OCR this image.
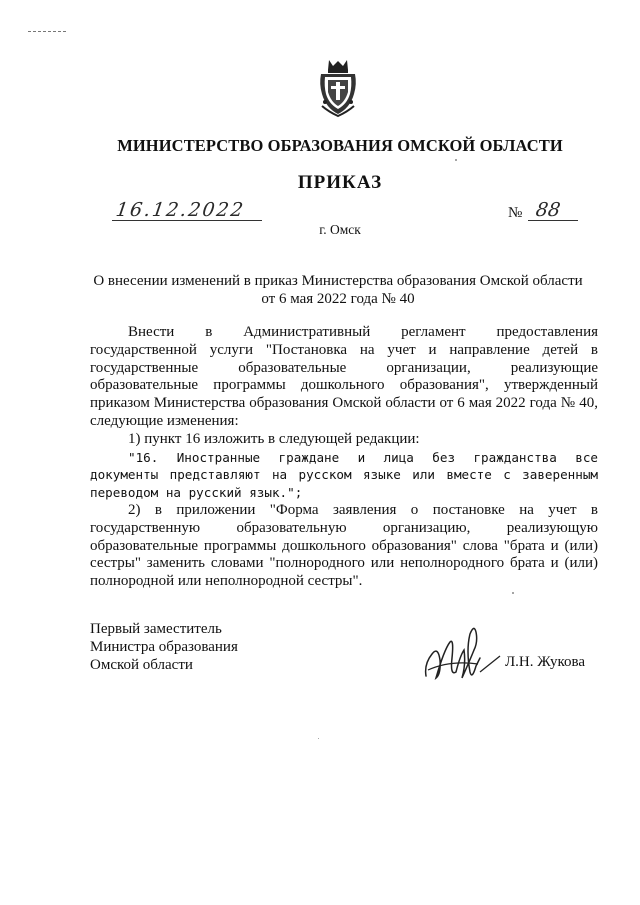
МИНИСТЕРСТВО ОБРАЗОВАНИЯ ОМСКОЙ ОБЛАСТИ
ПРИКАЗ
16.12.2022	№ 88
г. Омск
О внесении изменений в приказ Министерства образования Омской области
от 6 мая 2022 года № 40

Внести в Административный регламент предоставления государственной услуги "Постановка на учет и направление детей в государственные образовательные организации, реализующие образовательные программы дошкольного образования", утвержденный приказом Министерства образования Омской области от 6 мая 2022 года № 40, следующие изменения:

1) пункт 16 изложить в следующей редакции:

"16. Иностранные граждане и лица без гражданства все документы представляют на русском языке или вместе с заверенным переводом на русский язык.";

2) в приложении "Форма заявления о постановке на учет в государственную образовательную организацию, реализующую образовательные программы дошкольного образования" слова "брата и (или) сестры" заменить словами "полнородного или неполнородного брата и (или) полнородной или неполнородной сестры".

Первый заместитель
Министра образования
Омской области	Л.Н. Жукова
